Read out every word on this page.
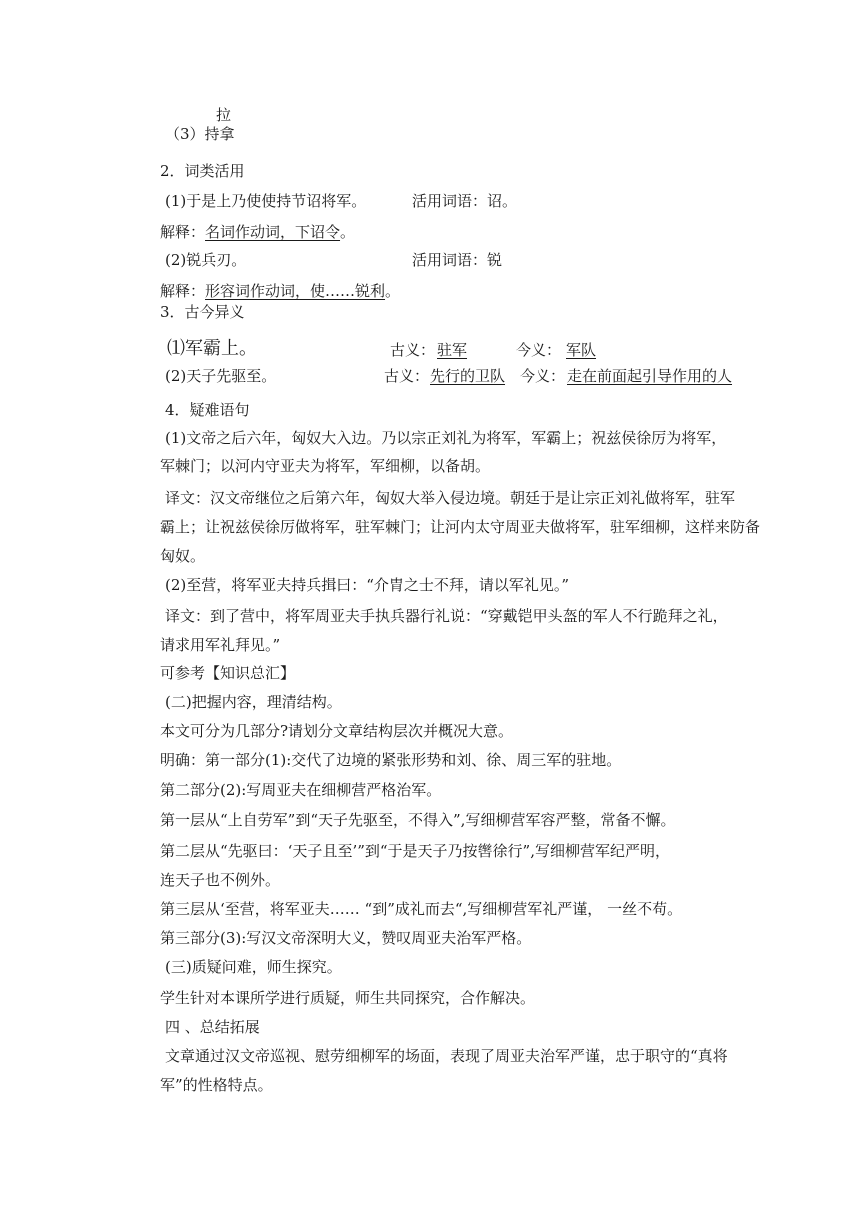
拉
（3）持拿
2．词类活用
(1)于是上乃使使持节诏将军。	活用词语：诏。
解释：名词作动词，下诏令。
(2)锐兵刃。	活用词语：锐
解释：形容词作动词，使……锐利。
3．古今异义
⑴军霸上。	古义： 驻军	今义： 军队
(2)天子先驱至。	古义： 先行的卫队 今义： 走在前面起引导作用的人
4．疑难语句
(1)文帝之后六年，匈奴大入边。乃以宗正刘礼为将军，军霸上；祝兹侯徐厉为将军，
军棘门；以河内守亚夫为将军，军细柳，以备胡。
译文：汉文帝继位之后第六年，匈奴大举入侵边境。朝廷于是让宗正刘礼做将军，驻军
霸上；让祝兹侯徐厉做将军，驻军棘门；让河内太守周亚夫做将军，驻军细柳，这样来防备
匈奴。
(2)至营，将军亚夫持兵揖曰：“介胄之士不拜，请以军礼见。”
译文：到了营中，将军周亚夫手执兵器行礼说：“穿戴铠甲头盔的军人不行跪拜之礼，
请求用军礼拜见。”
可参考【知识总汇】
(二)把握内容，理清结构。
本文可分为几部分?请划分文章结构层次并概况大意。
明确：第一部分(1):交代了边境的紧张形势和刘、徐、周三军的驻地。
第二部分(2):写周亚夫在细柳营严格治军。
第一层从“上自劳军”到“天子先驱至，不得入”,写细柳营军容严整，常备不懈。
第二层从“先驱曰：‘天子且至’”到“于是天子乃按辔徐行”,写细柳营军纪严明，
连天子也不例外。
第三层从‘至营，将军亚夫…… “到”成礼而去“,写细柳营军礼严谨， 一丝不苟。
第三部分(3):写汉文帝深明大义，赞叹周亚夫治军严格。
(三)质疑问难，师生探究。
学生针对本课所学进行质疑，师生共同探究，合作解决。
四 、总结拓展
文章通过汉文帝巡视、慰劳细柳军的场面，表现了周亚夫治军严谨，忠于职守的“真将
军”的性格特点。
